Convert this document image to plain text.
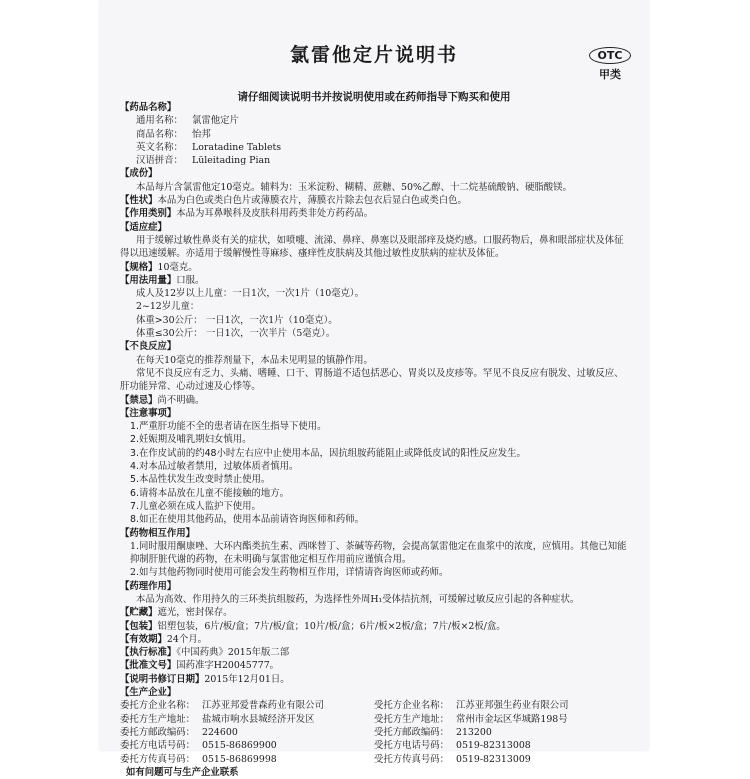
氯雷他定片说明书	OTC
甲类
请仔细阅读说明书并按说明使用或在药师指导下购买和使用
【药品名称】
通用名称： 氯雷他定片
商品名称： 怡邦
英文名称： Loratadine Tablets
汉语拼音： Lüleitading Pian
【成份】
本品每片含氯雷他定10毫克。辅料为：玉米淀粉、糊精、蔗糖、50%乙醇、十二烷基硫酸钠、硬脂酸镁。
【性状】本品为白色或类白色片或薄膜衣片，薄膜衣片除去包衣后显白色或类白色。
【作用类别】本品为耳鼻喉科及皮肤科用药类非处方药药品。
【适应症】
用于缓解过敏性鼻炎有关的症状，如喷嚏、流涕、鼻痒、鼻塞以及眼部痒及烧灼感。口服药物后，鼻和眼部症状及体征得以迅速缓解。亦适用于缓解慢性荨麻疹、瘙痒性皮肤病及其他过敏性皮肤病的症状及体征。
【规格】10毫克。
【用法用量】口服。
成人及12岁以上儿童：一日1次，一次1片（10毫克）。
2~12岁儿童：
体重>30公斤： 一日1次，一次1片（10毫克）。
体重≤30公斤： 一日1次，一次半片（5毫克）。
【不良反应】
在每天10毫克的推荐剂量下，本品未见明显的镇静作用。
常见不良反应有乏力、头痛、嗜睡、口干、胃肠道不适包括恶心、胃炎以及皮疹等。罕见不良反应有脱发、过敏反应、肝功能异常、心动过速及心悸等。
【禁忌】尚不明确。
【注意事项】
1.严重肝功能不全的患者请在医生指导下使用。
2.妊娠期及哺乳期妇女慎用。
3.在作皮试前的约48小时左右应中止使用本品，因抗组胺药能阻止或降低皮试的阳性反应发生。
4.对本品过敏者禁用，过敏体质者慎用。
5.本品性状发生改变时禁止使用。
6.请将本品放在儿童不能接触的地方。
7.儿童必须在成人监护下使用。
8.如正在使用其他药品，使用本品前请咨询医师和药师。
【药物相互作用】
1.同时服用酮康唑、大环内酯类抗生素、西咪替丁、茶碱等药物，会提高氯雷他定在血浆中的浓度，应慎用。其他已知能抑制肝脏代谢的药物，在未明确与氯雷他定相互作用前应谨慎合用。
2.如与其他药物同时使用可能会发生药物相互作用，详情请咨询医师或药师。
【药理作用】
本品为高效、作用持久的三环类抗组胺药，为选择性外周H₁受体拮抗剂，可缓解过敏反应引起的各种症状。
【贮藏】遮光，密封保存。
【包装】铝塑包装，6片/板/盒；7片/板/盒；10片/板/盒；6片/板×2板/盒；7片/板×2板/盒。
【有效期】24个月。
【执行标准】《中国药典》2015年版二部
【批准文号】国药准字H20045777。
【说明书修订日期】2015年12月01日。
【生产企业】
委托方企业名称： 江苏亚邦爱普森药业有限公司
委托方生产地址： 盐城市响水县城经济开发区
委托方邮政编码： 224600
委托方电话号码： 0515-86869900
委托方传真号码： 0515-86869998
受托方企业名称： 江苏亚邦强生药业有限公司
受托方生产地址： 常州市金坛区华城路198号
受托方邮政编码： 213200
受托方电话号码： 0519-82313008
受托方传真号码： 0519-82313009
如有问题可与生产企业联系
